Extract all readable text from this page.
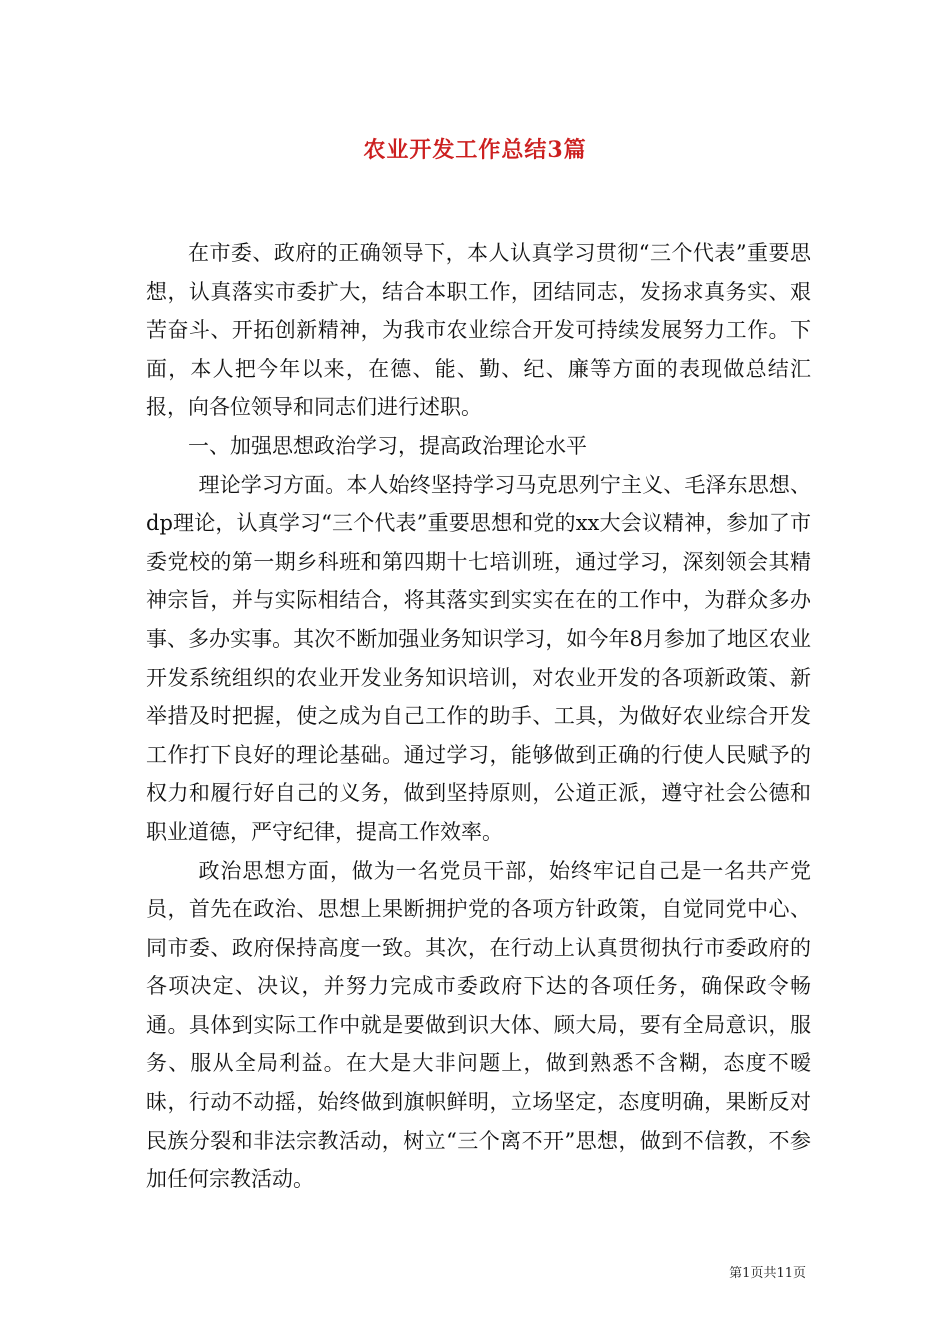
农业开发工作总结3篇

在市委、政府的正确领导下，本人认真学习贯彻“三个代表”重要思想，认真落实市委扩大，结合本职工作，团结同志，发扬求真务实、艰苦奋斗、开拓创新精神，为我市农业综合开发可持续发展努力工作。下面，本人把今年以来，在德、能、勤、纪、廉等方面的表现做总结汇报，向各位领导和同志们进行述职。

一、加强思想政治学习，提高政治理论水平

理论学习方面。本人始终坚持学习马克思列宁主义、毛泽东思想、dp理论，认真学习“三个代表”重要思想和党的xx大会议精神，参加了市委党校的第一期乡科班和第四期十七培训班，通过学习，深刻领会其精神宗旨，并与实际相结合，将其落实到实实在在的工作中，为群众多办事、多办实事。其次不断加强业务知识学习，如今年8月参加了地区农业开发系统组织的农业开发业务知识培训，对农业开发的各项新政策、新举措及时把握，使之成为自己工作的助手、工具，为做好农业综合开发工作打下良好的理论基础。通过学习，能够做到正确的行使人民赋予的权力和履行好自己的义务，做到坚持原则，公道正派，遵守社会公德和职业道德，严守纪律，提高工作效率。

政治思想方面，做为一名党员干部，始终牢记自己是一名共产党员，首先在政治、思想上果断拥护党的各项方针政策，自觉同党中心、同市委、政府保持高度一致。其次，在行动上认真贯彻执行市委政府的各项决定、决议，并努力完成市委政府下达的各项任务，确保政令畅通。具体到实际工作中就是要做到识大体、顾大局，要有全局意识，服务、服从全局利益。在大是大非问题上，做到熟悉不含糊，态度不暧昧，行动不动摇，始终做到旗帜鲜明，立场坚定，态度明确，果断反对民族分裂和非法宗教活动，树立“三个离不开”思想，做到不信教，不参加任何宗教活动。

第1页共11页
